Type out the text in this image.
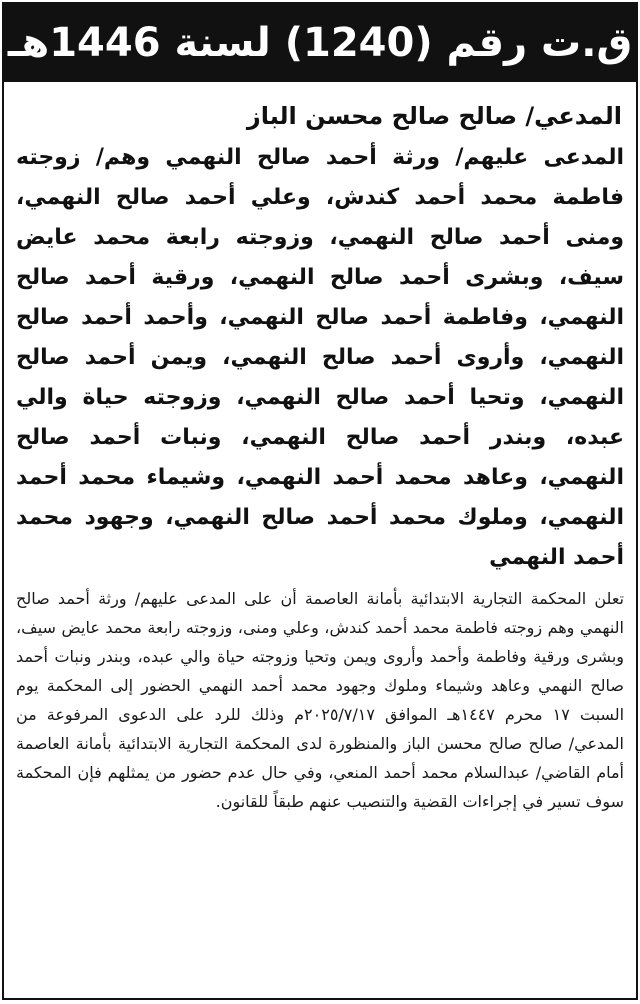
ق.ت رقم (1240) لسنة 1446هـ
المدعي/ صالح صالح محسن الباز
المدعى عليهم/ ورثة أحمد صالح النهمي وهم/ زوجته فاطمة محمد أحمد كندش، وعلي أحمد صالح النهمي، ومنى أحمد صالح النهمي، وزوجته رابعة محمد عايض سيف، وبشرى أحمد صالح النهمي، ورقية أحمد صالح النهمي، وفاطمة أحمد صالح النهمي، وأحمد أحمد صالح النهمي، وأروى أحمد صالح النهمي، ويمن أحمد صالح النهمي، وتحيا أحمد صالح النهمي، وزوجته حياة والي عبده، وبندر أحمد صالح النهمي، ونبات أحمد صالح النهمي، وعاهد محمد أحمد النهمي، وشيماء محمد أحمد النهمي، وملوك محمد أحمد صالح النهمي، وجهود محمد أحمد النهمي
تعلن المحكمة التجارية الابتدائية بأمانة العاصمة أن على المدعى عليهم/ ورثة أحمد صالح النهمي وهم زوجته فاطمة محمد أحمد كندش، وعلي ومنى، وزوجته رابعة محمد عايض سيف، وبشرى ورقية وفاطمة وأحمد وأروى ويمن وتحيا وزوجته حياة والي عبده، وبندر ونبات أحمد صالح النهمي وعاهد وشيماء وملوك وجهود محمد أحمد النهمي الحضور إلى المحكمة يوم السبت ١٧ محرم ١٤٤٧هـ الموافق ٢٠٢٥/٧/١٧م وذلك للرد على الدعوى المرفوعة من المدعي/ صالح صالح محسن الباز والمنظورة لدى المحكمة التجارية الابتدائية بأمانة العاصمة أمام القاضي/ عبدالسلام محمد أحمد المنعي، وفي حال عدم حضور من يمثلهم فإن المحكمة سوف تسير في إجراءات القضية والتنصيب عنهم طبقاً للقانون.
